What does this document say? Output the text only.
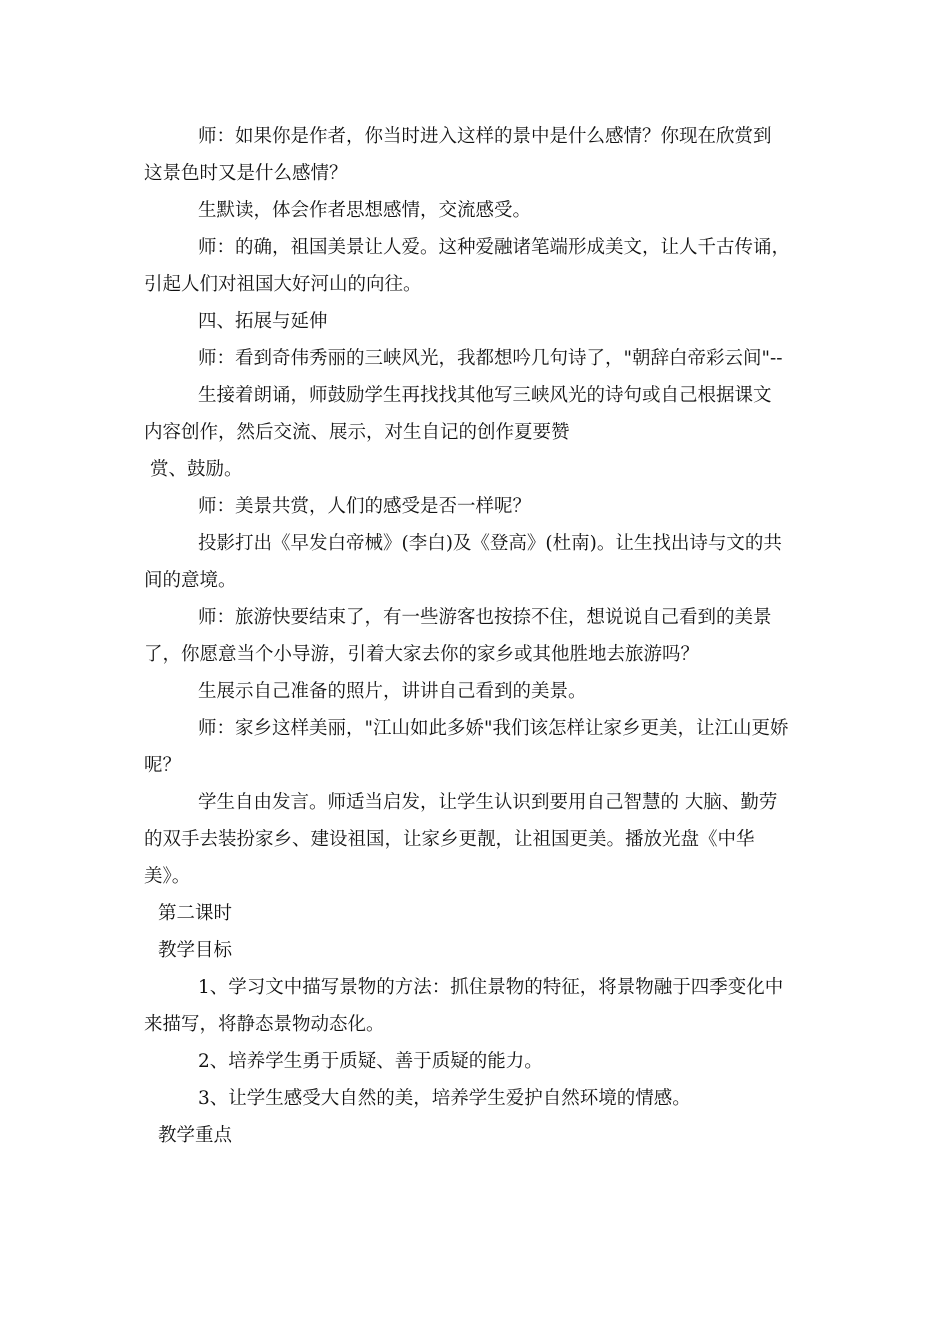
师：如果你是作者，你当时进入这样的景中是什么感情？你现在欣赏到
这景色时又是什么感情？
生默读，体会作者思想感情，交流感受。
师：的确，祖国美景让人爱。这种爱融诸笔端形成美文，让人千古传诵，
引起人们对祖国大好河山的向往。
四、拓展与延伸
师：看到奇伟秀丽的三峡风光，我都想吟几句诗了，"朝辞白帝彩云间"--
生接着朗诵，师鼓励学生再找找其他写三峡风光的诗句或自己根据课文
内容创作，然后交流、展示，对生自记的创作夏要赞
赏、鼓励。
师：美景共赏，人们的感受是否一样呢？
投影打出《早发白帝械》(李白)及《登高》(杜南)。让生找出诗与文的共
间的意境。
师：旅游快要结束了，有一些游客也按捺不住，想说说自己看到的美景
了，你愿意当个小导游，引着大家去你的家乡或其他胜地去旅游吗？
生展示自己准备的照片，讲讲自己看到的美景。
师：家乡这样美丽，"江山如此多娇"我们该怎样让家乡更美，让江山更娇
呢？
学生自由发言。师适当启发，让学生认识到要用自己智慧的 大脑、勤劳
的双手去装扮家乡、建设祖国，让家乡更靓，让祖国更美。播放光盘《中华
美》。
第二课时
教学目标
1、学习文中描写景物的方法：抓住景物的特征，将景物融于四季变化中
来描写，将静态景物动态化。
2、培养学生勇于质疑、善于质疑的能力。
3、让学生感受大自然的美，培养学生爱护自然环境的情感。
教学重点
